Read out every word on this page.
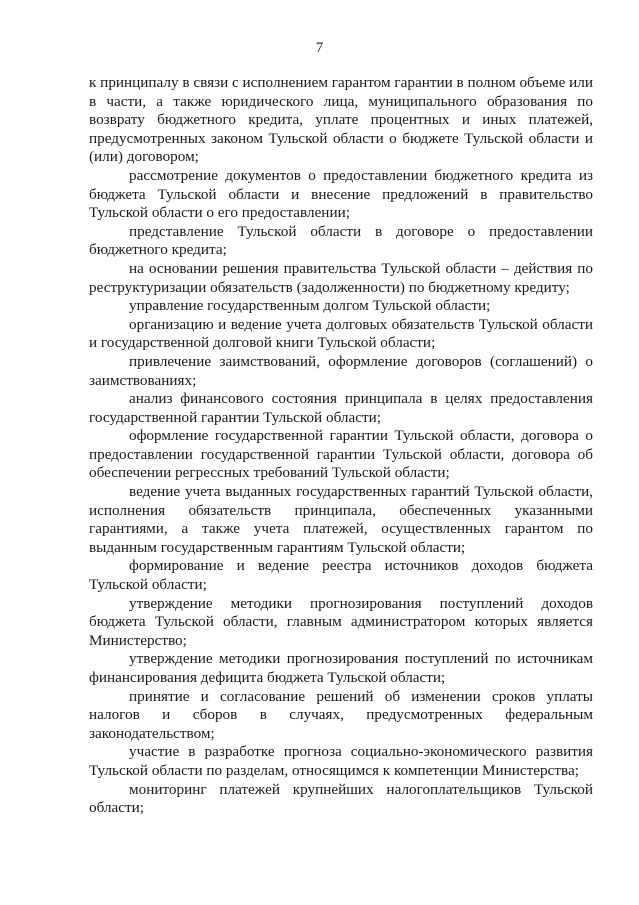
7

к принципалу в связи с исполнением гарантом гарантии в полном объеме или в части, а также юридического лица, муниципального образования по возврату бюджетного кредита, уплате процентных и иных платежей, предусмотренных законом Тульской области о бюджете Тульской области и (или) договором;

рассмотрение документов о предоставлении бюджетного кредита из бюджета Тульской области и внесение предложений в правительство Тульской области о его предоставлении;

представление Тульской области в договоре о предоставлении бюджетного кредита;

на основании решения правительства Тульской области – действия по реструктуризации обязательств (задолженности) по бюджетному кредиту;

управление государственным долгом Тульской области;

организацию и ведение учета долговых обязательств Тульской области и государственной долговой книги Тульской области;

привлечение заимствований, оформление договоров (соглашений) о заимствованиях;

анализ финансового состояния принципала в целях предоставления государственной гарантии Тульской области;

оформление государственной гарантии Тульской области, договора о предоставлении государственной гарантии Тульской области, договора об обеспечении регрессных требований Тульской области;

ведение учета выданных государственных гарантий Тульской области, исполнения обязательств принципала, обеспеченных указанными гарантиями, а также учета платежей, осуществленных гарантом по выданным государственным гарантиям Тульской области;

формирование и ведение реестра источников доходов бюджета Тульской области;

утверждение методики прогнозирования поступлений доходов бюджета Тульской области, главным администратором которых является Министерство;

утверждение методики прогнозирования поступлений по источникам финансирования дефицита бюджета Тульской области;

принятие и согласование решений об изменении сроков уплаты налогов и сборов в случаях, предусмотренных федеральным законодательством;

участие в разработке прогноза социально-экономического развития Тульской области по разделам, относящимся к компетенции Министерства;

мониторинг платежей крупнейших налогоплательщиков Тульской области;
